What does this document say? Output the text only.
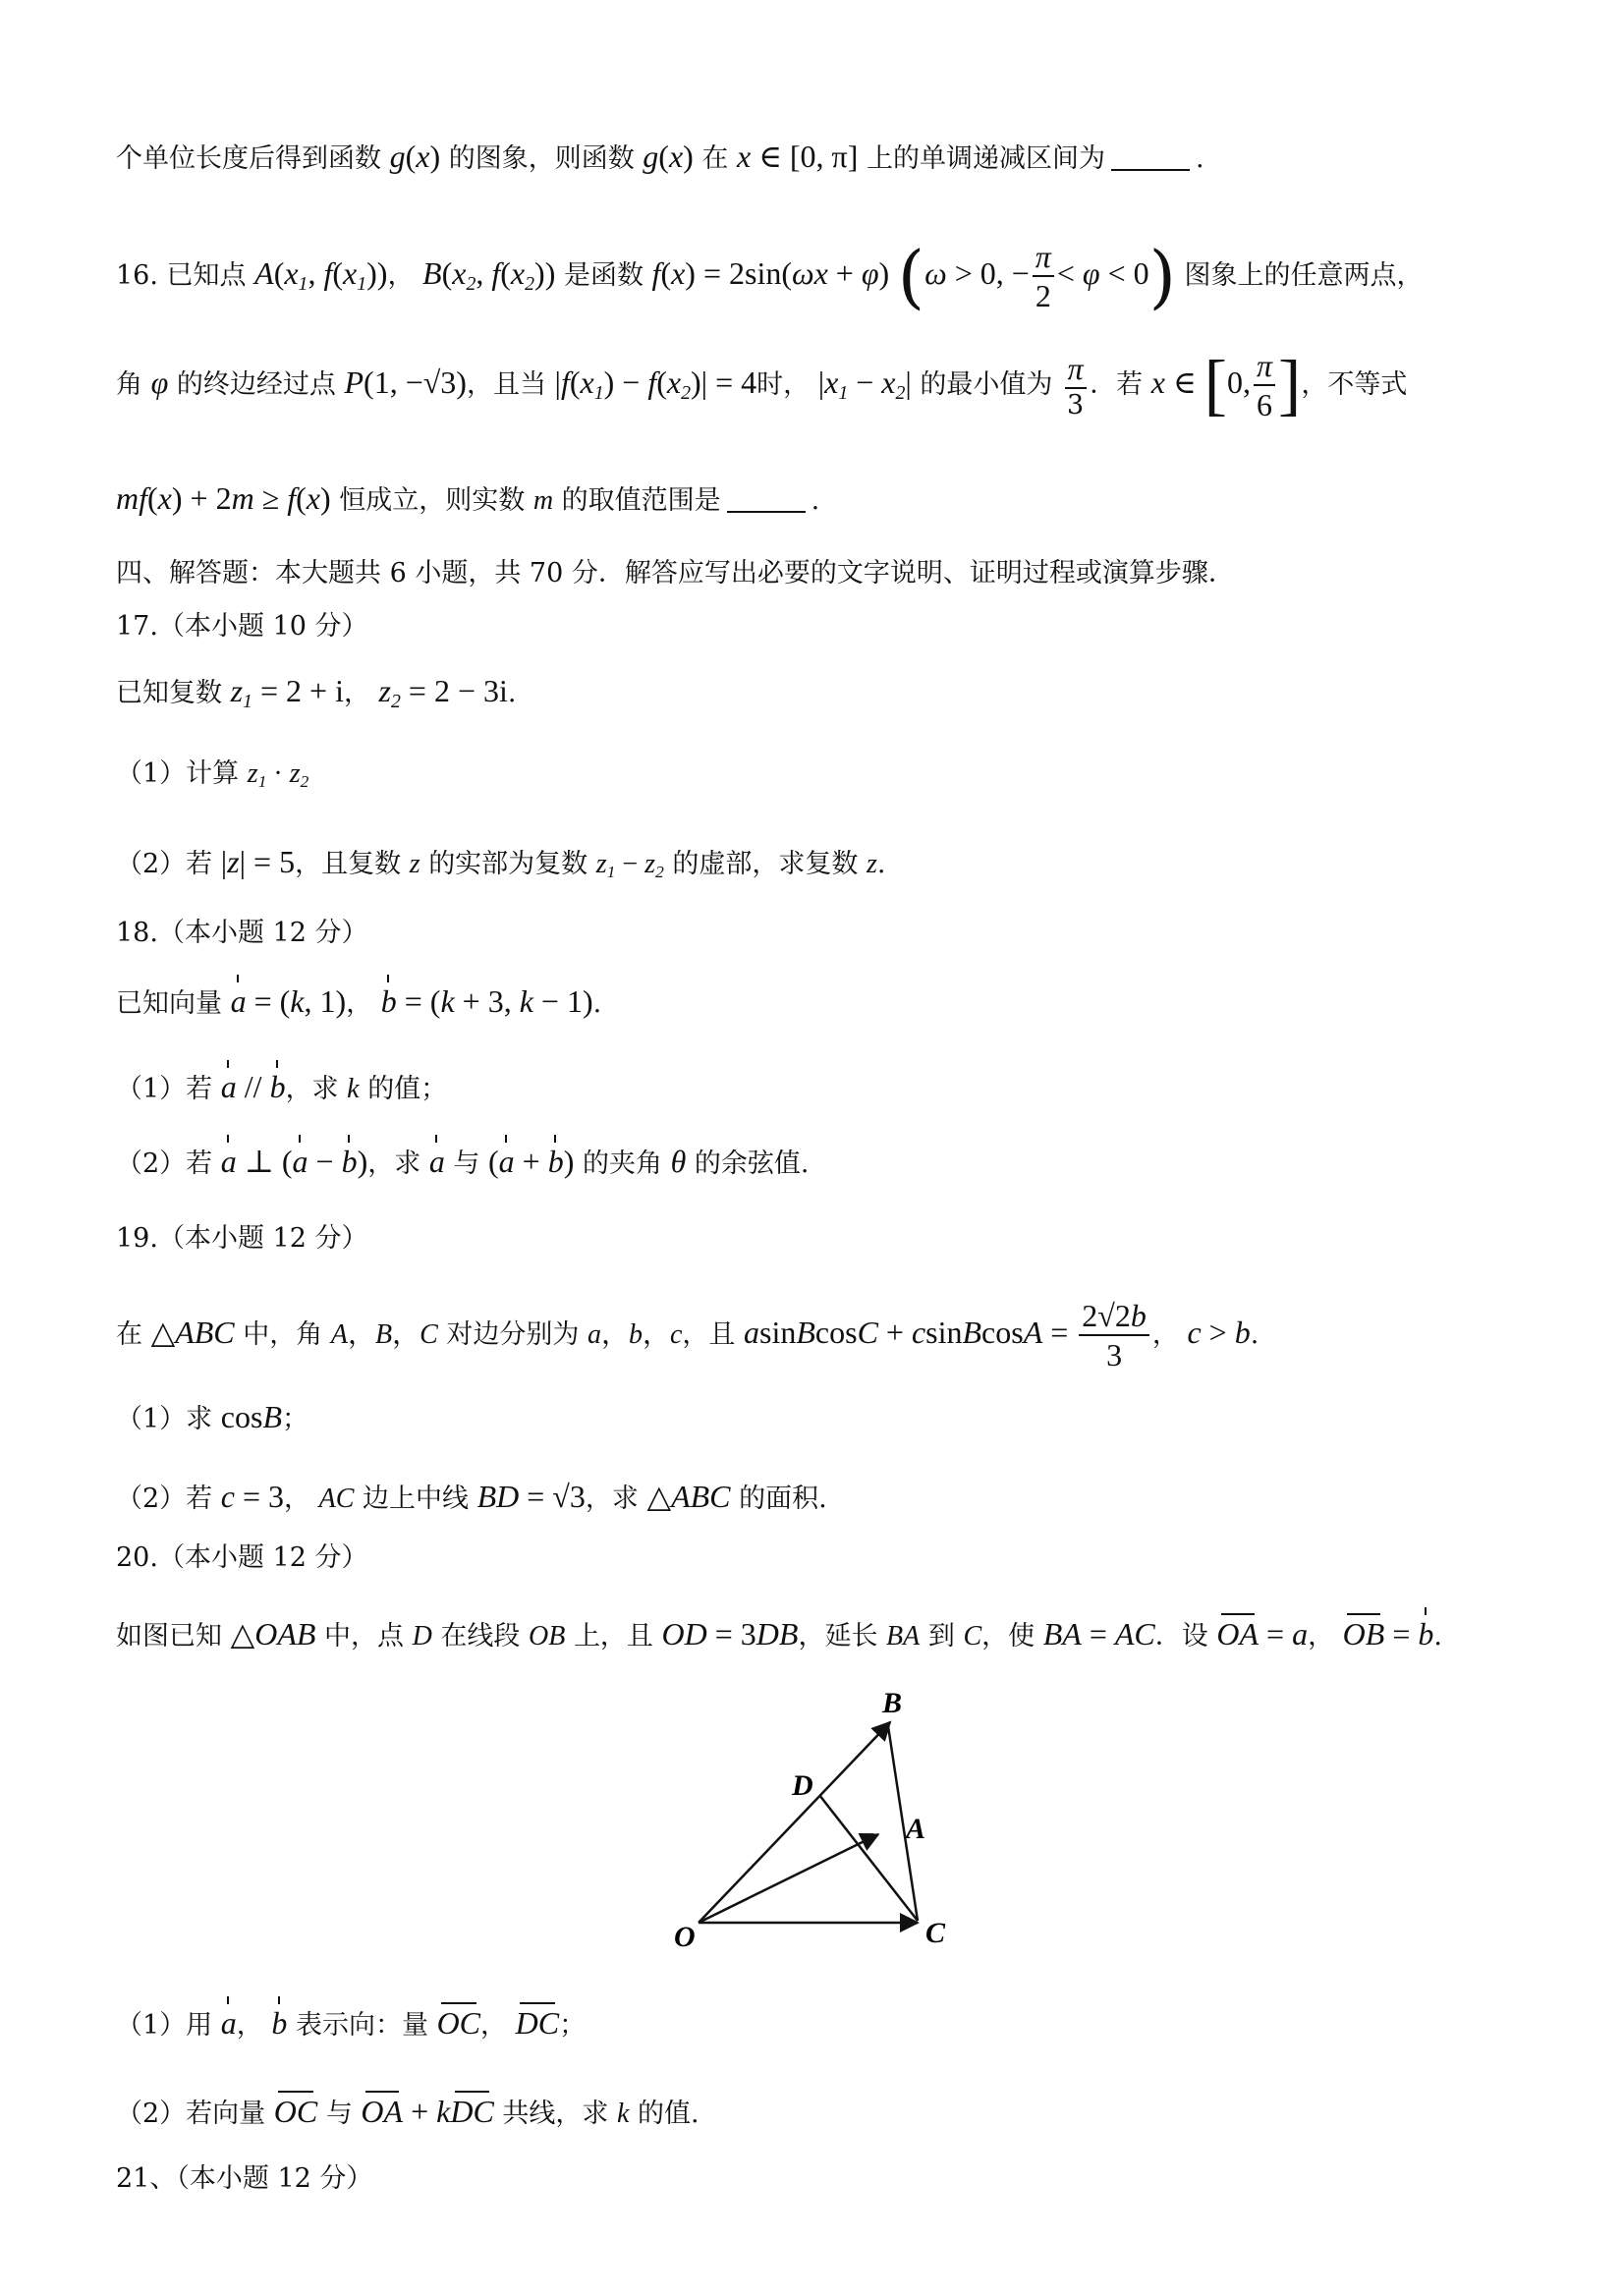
个单位长度后得到函数 g(x) 的图象，则函数 g(x) 在 x ∈ [0, π] 上的单调递减区间为	.
16. 已知点 $A(x_1$, $f(x_1)$)， $B(x_2$, $f(x_2)$) 是函数 f(x) = 2sin(ωx + φ) (ω > 0, − $\frac{\pi}{2} < \varphi < 0$) 图象上的任意两点，
角 φ 的终边经过点 P(1, −√3)，且当 $|f(x_1) - f(x_2)| = 4$时， $|x_1 - x_2|$ 的最小值为 $\frac{\pi}{3}$ ．若 x ∈ [0, $\frac{\pi}{6}$ ]，不等式
mf(x) + 2m ≥ f(x) 恒成立，则实数 m 的取值范围是	.
四、解答题：本大题共 6 小题，共 70 分．解答应写出必要的文字说明、证明过程或演算步骤．
17.（本小题 10 分）
已知复数 $z_1 = 2 + i$， $z_2 = 2 - 3i$.
（1）计算 $z_1 \cdot z_2$
（2）若 |z| = 5，且复数 z 的实部为复数 $z_1 - z_2$ 的虚部，求复数 z.
18.（本小题 12 分）
已知向量 a = (k, 1)， b = (k + 3, k − 1).
（1）若 a // b，求 k 的值；
（2）若 a ⊥ (a − b)，求 a 与 (a + b) 的夹角 θ 的余弦值.
19.（本小题 12 分）
在 △ABC 中，角 A，B，C 对边分别为 a，b，c，且 asinBcosC + csinBcosA = $\frac{2√2b}{3}$ ， c > b.
（1）求 cosB；
（2）若 c = 3， AC 边上中线 BD = √3，求 △ABC 的面积.
20.（本小题 12 分）
如图已知 △OAB 中，点 D 在线段 OB 上，且 OD = 3DB，延长 BA 到 C，使 BA = AC．设 OA = a， OB = b.
B
D
A
O	C
（1）用 a， b 表示向：量 OC， DC；
（2）若向量 OC 与 OA + kDC 共线，求 k 的值.
21、（本小题 12 分）
